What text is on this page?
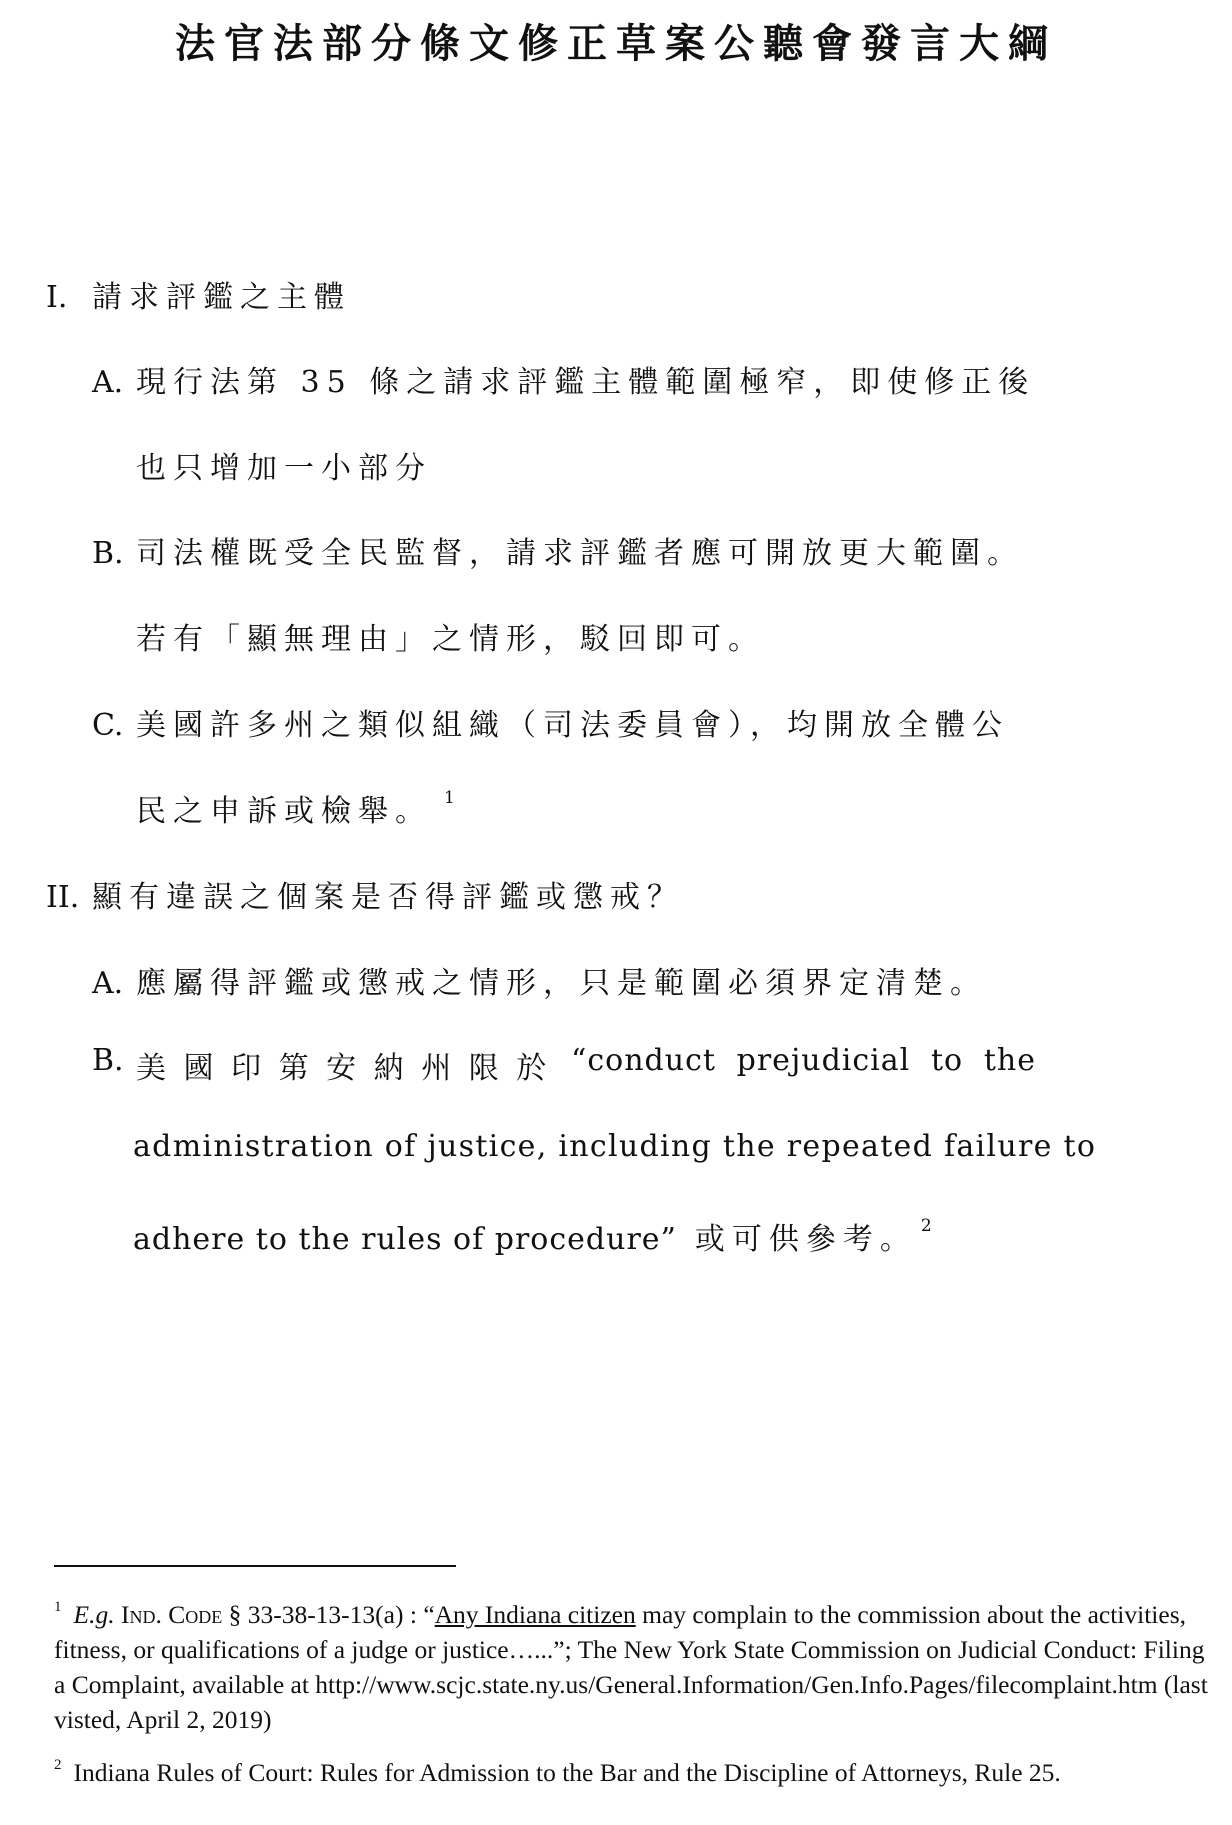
法官法部分條文修正草案公聽會發言大綱
I. 請求評鑑之主體
A. 現行法第 35 條之請求評鑑主體範圍極窄，即使修正後
也只增加一小部分
B. 司法權既受全民監督，請求評鑑者應可開放更大範圍。
若有「顯無理由」之情形，駁回即可。
C. 美國許多州之類似組織（司法委員會），均開放全體公
民之申訴或檢舉。 $^1$
II. 顯有違誤之個案是否得評鑑或懲戒？
A. 應屬得評鑑或懲戒之情形，只是範圍必須界定清楚。
B. 美 國 印 第 安 納 州 限 於 “conduct prejudicial to the
administration of justice, including the repeated failure to
adhere to the rules of procedure” 或可供參考。 $^2$
$^1$ E.g. Ind. Code § 33-38-13-13(a) : “Any Indiana citizen may complain to the commission about the activities, fitness, or qualifications of a judge or justice…...”; The New York State Commission on Judicial Conduct: Filing a Complaint, available at http://www.scjc.state.ny.us/General.Information/Gen.Info.Pages/filecomplaint.htm (last visted, April 2, 2019)
$^2$ Indiana Rules of Court: Rules for Admission to the Bar and the Discipline of Attorneys, Rule 25.
